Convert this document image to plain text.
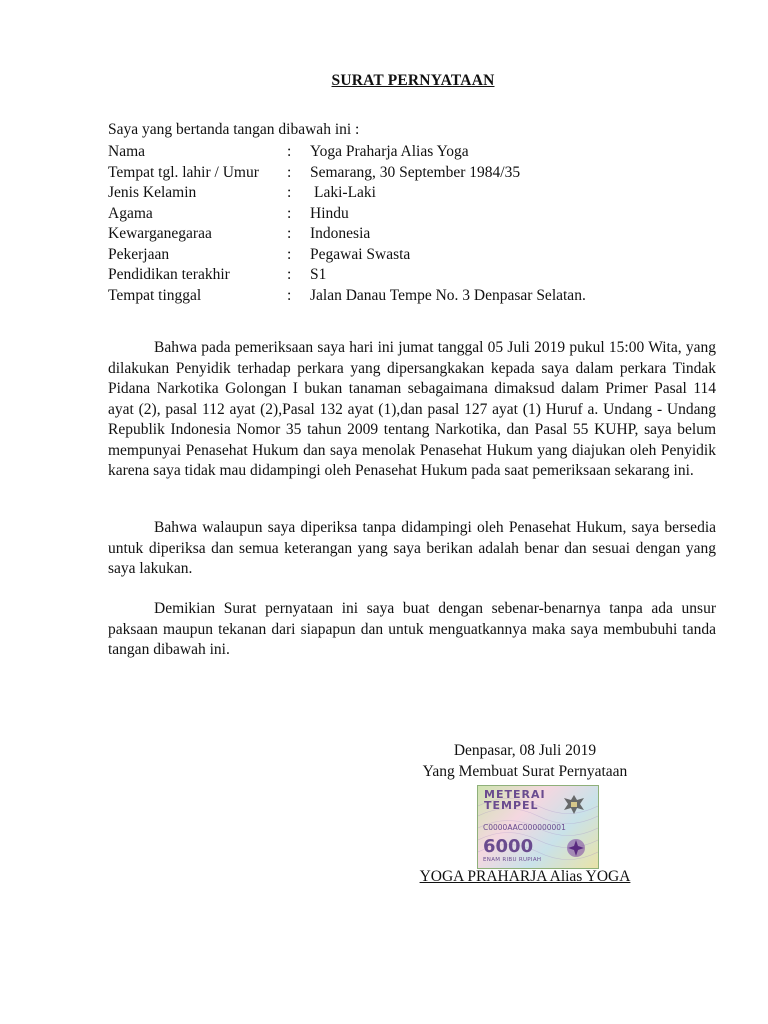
SURAT PERNYATAAN
Saya yang bertanda tangan dibawah ini :
Nama	: Yoga Praharja Alias Yoga
Tempat tgl. lahir / Umur : Semarang, 30 September 1984/35
Jenis Kelamin	: Laki-Laki
Agama	: Hindu
Kewarganegaraa	: Indonesia
Pekerjaan	: Pegawai Swasta
Pendidikan terakhir	: S1
Tempat tinggal	: Jalan Danau Tempe No. 3 Denpasar Selatan.

Bahwa pada pemeriksaan saya hari ini jumat tanggal 05 Juli 2019 pukul 15:00 Wita, yang dilakukan Penyidik terhadap perkara yang dipersangkakan kepada saya dalam perkara Tindak Pidana Narkotika Golongan I bukan tanaman sebagaimana dimaksud dalam Primer Pasal 114 ayat (2), pasal 112 ayat (2),Pasal 132 ayat (1),dan pasal 127 ayat (1) Huruf a. Undang - Undang Republik Indonesia Nomor 35 tahun 2009 tentang Narkotika, dan Pasal 55 KUHP, saya belum mempunyai Penasehat Hukum dan saya menolak Penasehat Hukum yang diajukan oleh Penyidik karena saya tidak mau didampingi oleh Penasehat Hukum pada saat pemeriksaan sekarang ini.

Bahwa walaupun saya diperiksa tanpa didampingi oleh Penasehat Hukum, saya bersedia untuk diperiksa dan semua keterangan yang saya berikan adalah benar dan sesuai dengan yang saya lakukan.

Demikian Surat pernyataan ini saya buat dengan sebenar-benarnya tanpa ada unsur paksaan maupun tekanan dari siapapun dan untuk menguatkannya maka saya membubuhi tanda tangan dibawah ini.

Denpasar, 08 Juli 2019
Yang Membuat Surat Pernyataan
METERAI
TEMPEL
C0000AAC000000001
6000
ENAM RIBU RUPIAH
YOGA PRAHARJA Alias YOGA
